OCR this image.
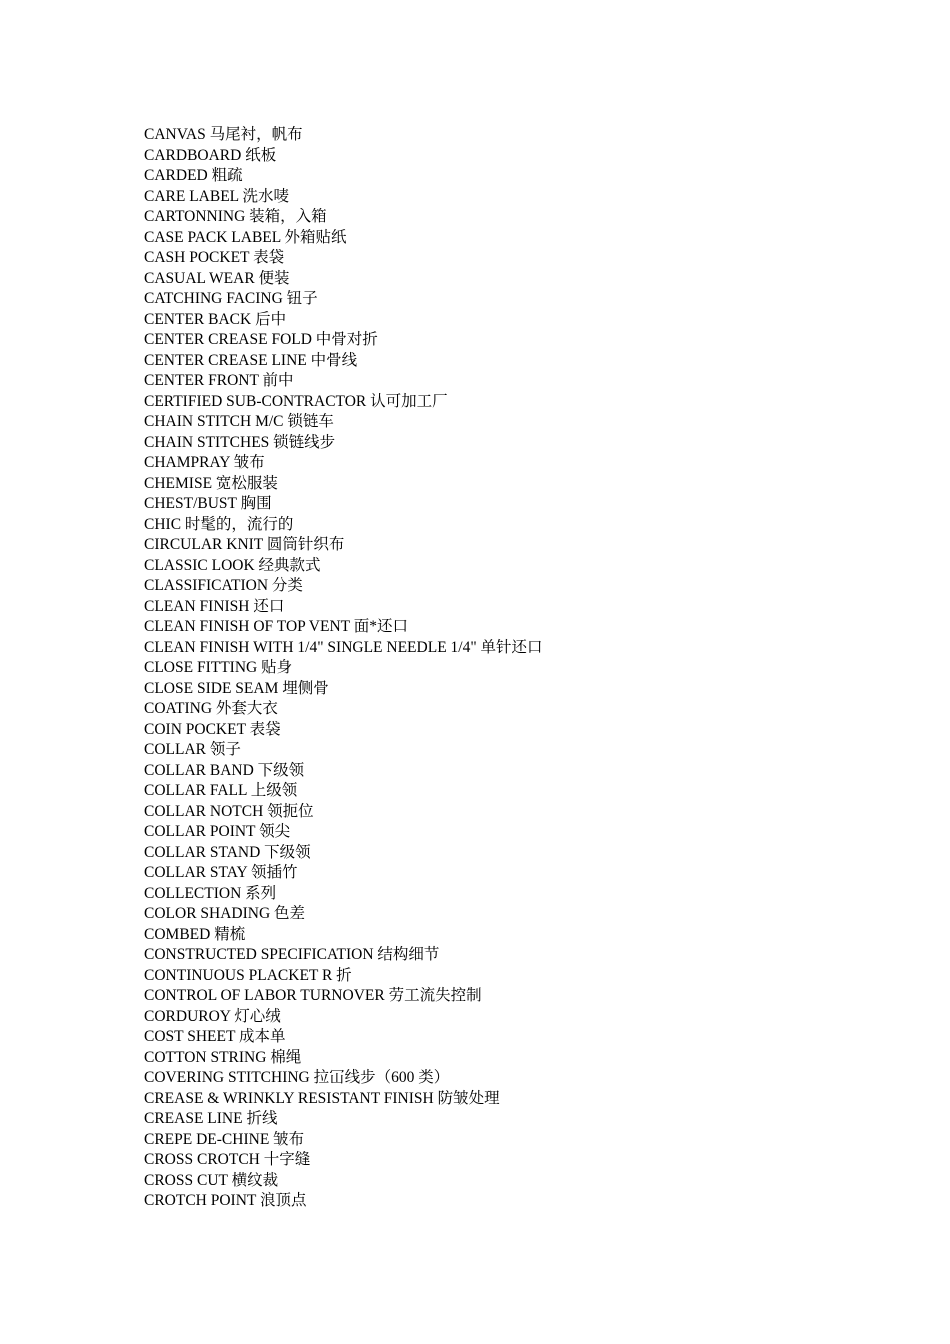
CANVAS 马尾衬，帆布
CARDBOARD 纸板
CARDED 粗疏
CARE LABEL 洗水唛
CARTONNING 装箱，入箱
CASE PACK LABEL 外箱贴纸
CASH POCKET 表袋
CASUAL WEAR 便装
CATCHING FACING 钮子
CENTER BACK 后中
CENTER CREASE FOLD 中骨对折
CENTER CREASE LINE 中骨线
CENTER FRONT 前中
CERTIFIED SUB-CONTRACTOR 认可加工厂
CHAIN STITCH M/C 锁链车
CHAIN STITCHES 锁链线步
CHAMPRAY 皱布
CHEMISE 宽松服装
CHEST/BUST 胸围
CHIC 时髦的，流行的
CIRCULAR KNIT 圆筒针织布
CLASSIC LOOK 经典款式
CLASSIFICATION 分类
CLEAN FINISH 还口
CLEAN FINISH OF TOP VENT 面*还口
CLEAN FINISH WITH 1/4" SINGLE NEEDLE 1/4" 单针还口
CLOSE FITTING 贴身
CLOSE SIDE SEAM 埋侧骨
COATING 外套大衣
COIN POCKET 表袋
COLLAR 领子
COLLAR BAND 下级领
COLLAR FALL 上级领
COLLAR NOTCH 领扼位
COLLAR POINT 领尖
COLLAR STAND 下级领
COLLAR STAY 领插竹
COLLECTION 系列
COLOR SHADING 色差
COMBED 精梳
CONSTRUCTED SPECIFICATION 结构细节
CONTINUOUS PLACKET R 折
CONTROL OF LABOR TURNOVER 劳工流失控制
CORDUROY 灯心绒
COST SHEET 成本单
COTTON STRING 棉绳
COVERING STITCHING 拉冚线步（600 类）
CREASE & WRINKLY RESISTANT FINISH 防皱处理
CREASE LINE 折线
CREPE DE-CHINE 皱布
CROSS CROTCH 十字缝
CROSS CUT 横纹裁
CROTCH POINT 浪顶点
